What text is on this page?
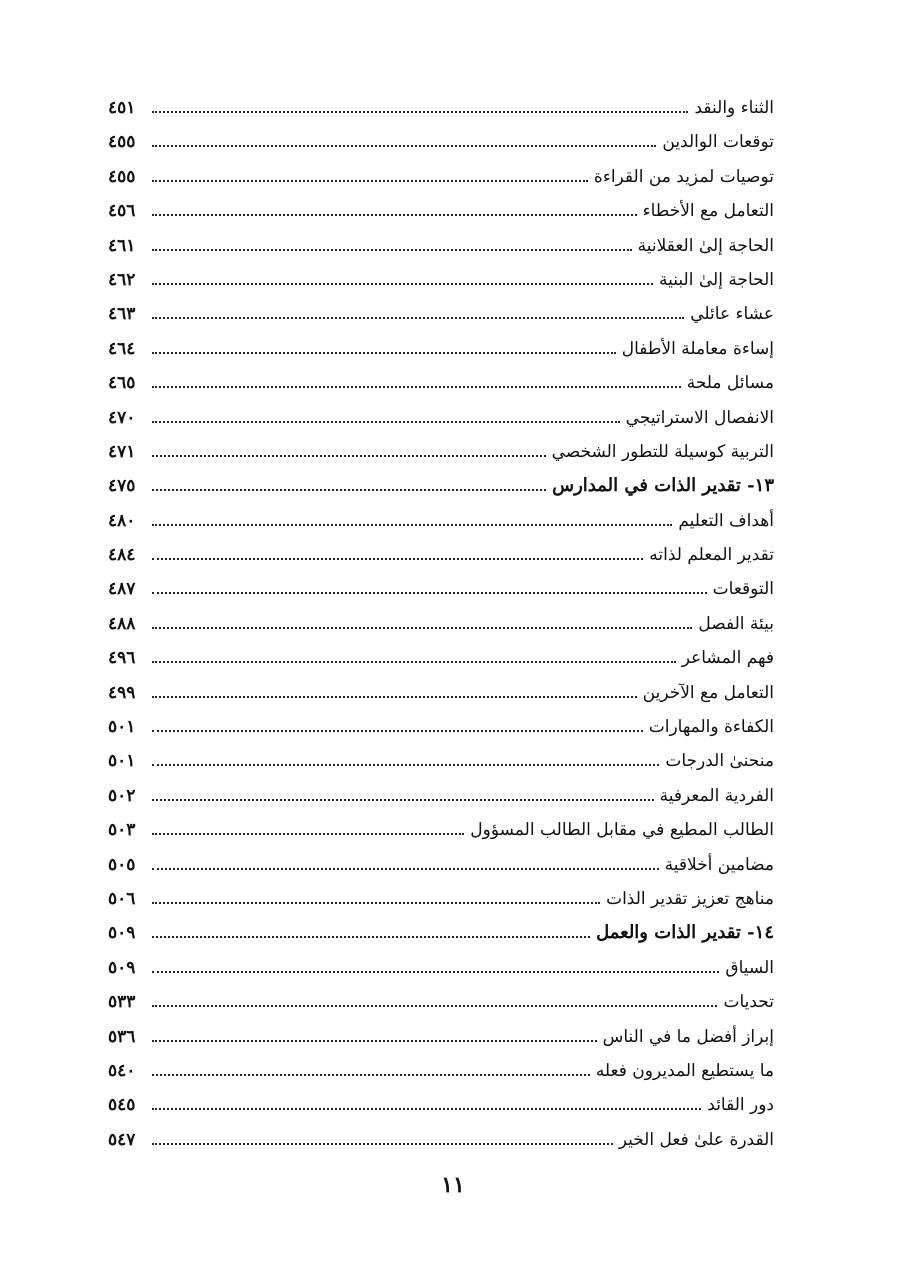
الثناء والنقد
٤٥١
توقعات الوالدين
٤٥٥
توصيات لمزيد من القراءة
٤٥٥
التعامل مع الأخطاء
٤٥٦
الحاجة إلىٰ العقلانية
٤٦١
الحاجة إلىٰ البنية
٤٦٢
عشاء عائلي
٤٦٣
إساءة معاملة الأطفال
٤٦٤
مسائل ملحة
٤٦٥
الانفصال الاستراتيجي
٤٧٠
التربية كوسيلة للتطور الشخصي
٤٧١
١٣- تقدير الذات في المدارس
٤٧٥
أهداف التعليم
٤٨٠
تقدير المعلم لذاته
٤٨٤
التوقعات
٤٨٧
بيئة الفصل
٤٨٨
فهم المشاعر
٤٩٦
التعامل مع الآخرين
٤٩٩
الكفاءة والمهارات
٥٠١
منحنىٰ الدرجات
٥٠١
الفردية المعرفية
٥٠٢
الطالب المطيع في مقابل الطالب المسؤول
٥٠٣
مضامين أخلاقية
٥٠٥
مناهج تعزيز تقدير الذات
٥٠٦
١٤- تقدير الذات والعمل
٥٠٩
السياق
٥٠٩
تحديات
٥٣٣
إبراز أفضل ما في الناس
٥٣٦
ما يستطيع المديرون فعله
٥٤٠
دور القائد
٥٤٥
القدرة علىٰ فعل الخير
٥٤٧
١١
